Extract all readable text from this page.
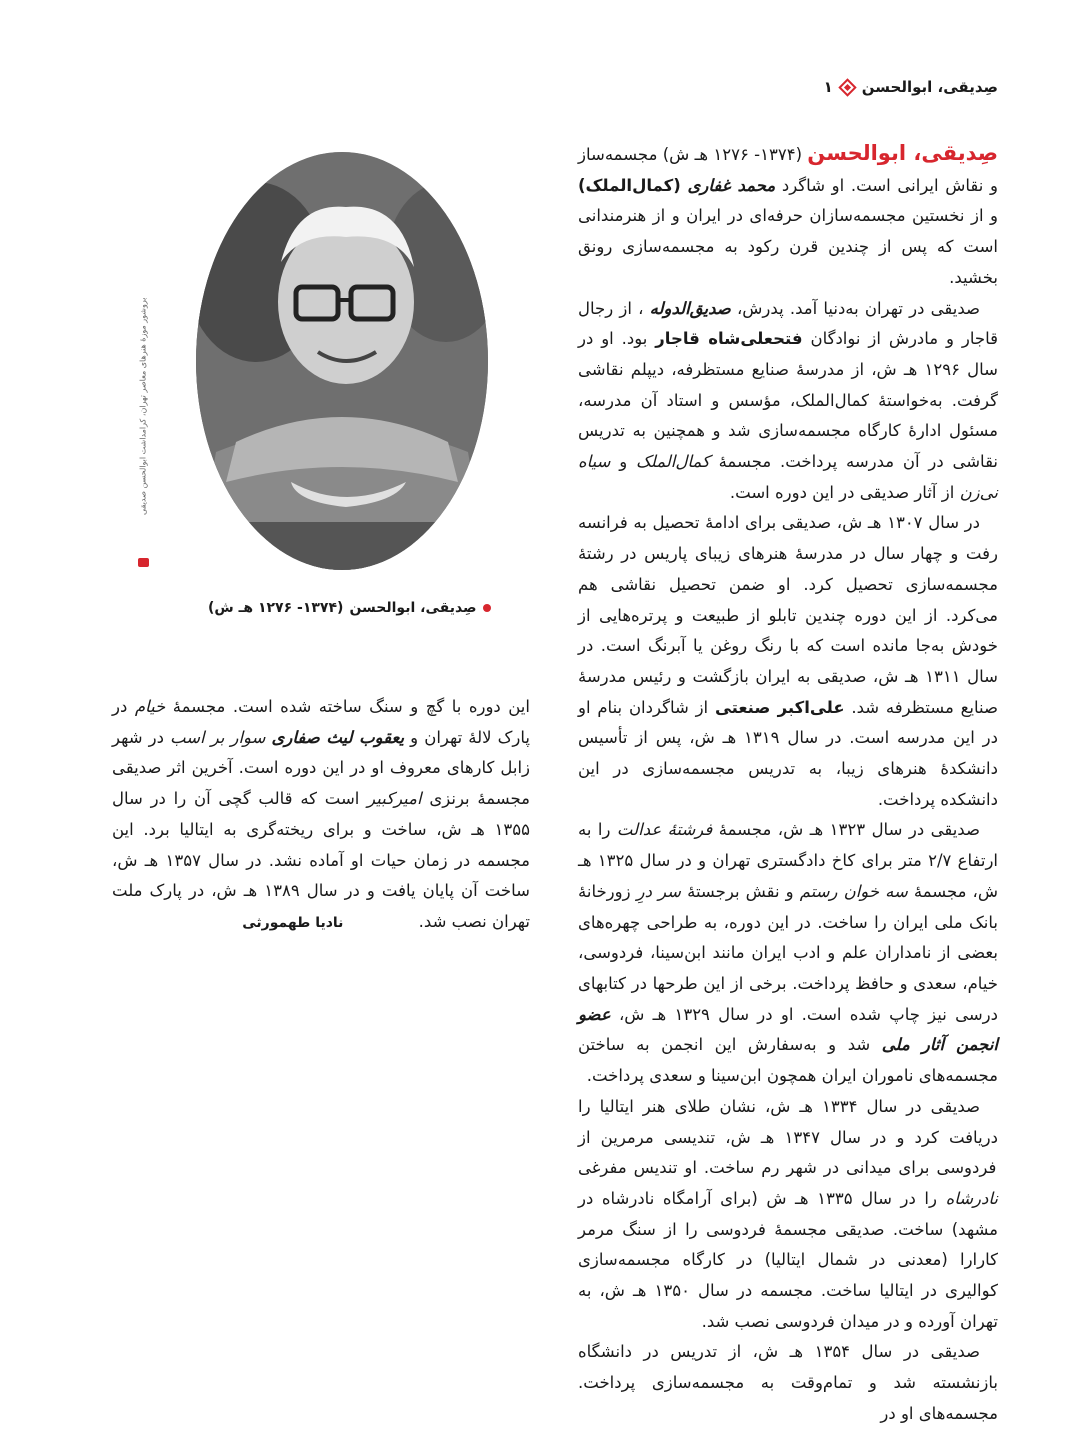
صِدیقی، ابوالحسن
۱

صِدیقی، ابوالحسن (۱۳۷۴- ۱۲۷۶ هـ ش) مجسمه‌ساز و نقاش ایرانی است. او شاگرد محمد غفاری (کمال‌الملک) و از نخستین مجسمه‌سازان حرفه‌ای در ایران و از هنرمندانی است که پس از چندین قرن رکود به مجسمه‌سازی رونق بخشید.

صدیقی در تهران به‌دنیا آمد. پدرش، صدیق‌الدوله ، از رجال قاجار و مادرش از نوادگان فتحعلی‌شاه قاجار بود. او در سال ۱۲۹۶ هـ ش، از مدرسهٔ صنایع مستظرفه، دیپلم نقاشی گرفت. به‌خواستهٔ کمال‌الملک، مؤسس و استاد آن مدرسه، مسئول ادارهٔ کارگاه مجسمه‌سازی شد و همچنین به تدریس نقاشی در آن مدرسه پرداخت. مجسمهٔ کمال‌الملک و سیاه نی‌زن از آثار صدیقی در این دوره است.

در سال ۱۳۰۷ هـ ش، صدیقی برای ادامهٔ تحصیل به فرانسه رفت و چهار سال در مدرسهٔ هنرهای زیبای پاریس در رشتهٔ مجسمه‌سازی تحصیل کرد. او ضمن تحصیل نقاشی هم می‌کرد. از این دوره چندین تابلو از طبیعت و پرتره‌هایی از خودش به‌جا مانده است که با رنگ روغن یا آبرنگ است. در سال ۱۳۱۱ هـ ش، صدیقی به ایران بازگشت و رئیس مدرسهٔ صنایع مستظرفه شد. علی‌اکبر صنعتی از شاگردان بنام او در این مدرسه است. در سال ۱۳۱۹ هـ ش، پس از تأسیس دانشکدهٔ هنرهای زیبا، به تدریس مجسمه‌سازی در این دانشکده پرداخت.

صدیقی در سال ۱۳۲۳ هـ ش، مجسمهٔ فرشتهٔ عدالت را به ارتفاع ۲/۷ متر برای کاخ دادگستری تهران و در سال ۱۳۲۵ هـ ش، مجسمهٔ سه خوان رستم و نقش برجستهٔ سر درِ زورخانهٔ بانک ملی ایران را ساخت. در این دوره، به طراحی چهره‌های بعضی از نامداران علم و ادب ایران مانند ابن‌سینا، فردوسی، خیام، سعدی و حافظ پرداخت. برخی از این طرحها در کتابهای درسی نیز چاپ شده است. او در سال ۱۳۲۹ هـ ش، عضو انجمن آثار ملی شد و به‌سفارش این انجمن به ساختن مجسمه‌های ناموران ایران همچون ابن‌سینا و سعدی پرداخت.

صدیقی در سال ۱۳۳۴ هـ ش، نشان طلای هنر ایتالیا را دریافت کرد و در سال ۱۳۴۷ هـ ش، تندیسی مرمرین از فردوسی برای میدانی در شهر رم ساخت. او تندیس مفرغی نادرشاه را در سال ۱۳۳۵ هـ ش (برای آرامگاه نادرشاه در مشهد) ساخت. صدیقی مجسمهٔ فردوسی را از سنگ مرمر کارارا (معدنی در شمال ایتالیا) در کارگاه مجسمه‌سازی کوالیری در ایتالیا ساخت. مجسمه در سال ۱۳۵۰ هـ ش، به تهران آورده و در میدان فردوسی نصب شد.

صدیقی در سال ۱۳۵۴ هـ ش، از تدریس در دانشگاه بازنشسته شد و تمام‌وقت به مجسمه‌سازی پرداخت. مجسمه‌های او در

بروشور موزهٔ هنرهای معاصر تهران، کرامداشت ابوالحسن صدیقی
صِدیقی، ابوالحسن
(۱۳۷۴- ۱۲۷۶ هـ ش)

این دوره با گچ و سنگ ساخته شده است. مجسمهٔ خیام در پارک لالهٔ تهران و یعقوب لیث صفاری سوار بر اسب در شهر زابل کارهای معروف او در این دوره است. آخرین اثر صدیقی مجسمهٔ برنزی امیرکبیر است که قالب گچی آن را در سال ۱۳۵۵ هـ ش، ساخت و برای ریخته‌گری به ایتالیا برد. این مجسمه در زمان حیات او آماده نشد. در سال ۱۳۵۷ هـ ش، ساخت آن پایان یافت و در سال ۱۳۸۹ هـ ش، در پارک ملت تهران نصب شد. نادیا طهمورثی
